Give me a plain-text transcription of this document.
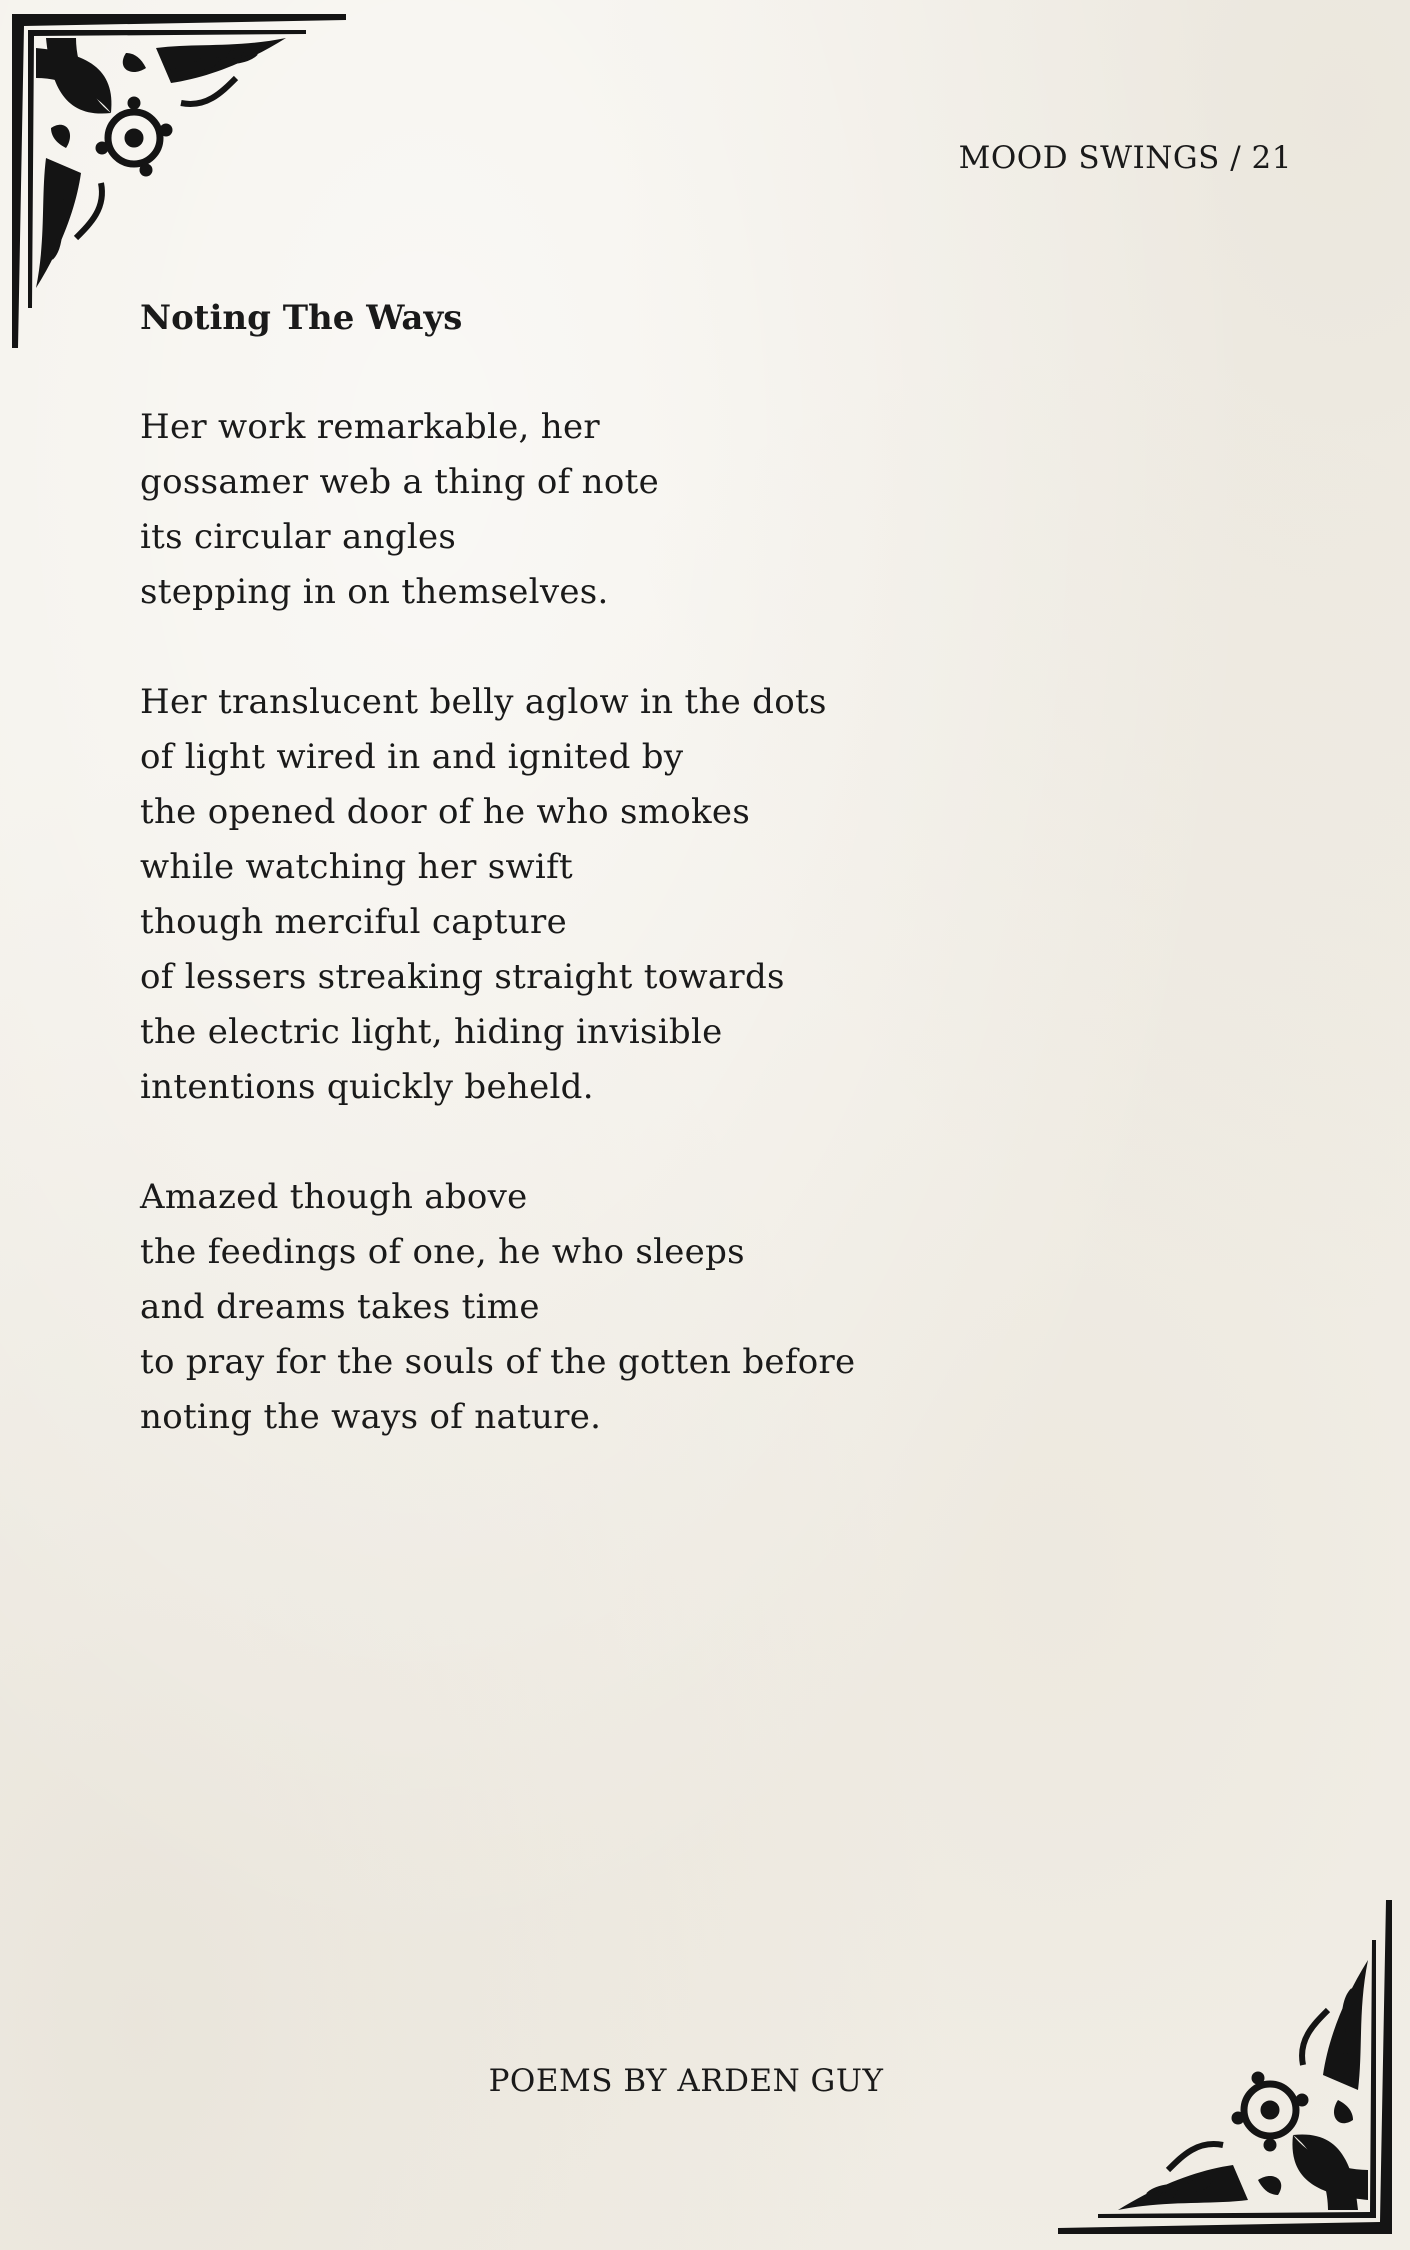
MOOD SWINGS / 21
Noting The Ways
Her work remarkable, her
gossamer web a thing of note
its circular angles
stepping in on themselves.
Her translucent belly aglow in the dots
of light wired in and ignited by
the opened door of he who smokes
while watching her swift
though merciful capture
of lessers streaking straight towards
the electric light, hiding invisible
intentions quickly beheld.
Amazed though above
the feedings of one, he who sleeps
and dreams takes time
to pray for the souls of the gotten before
noting the ways of nature.
POEMS BY ARDEN GUY
